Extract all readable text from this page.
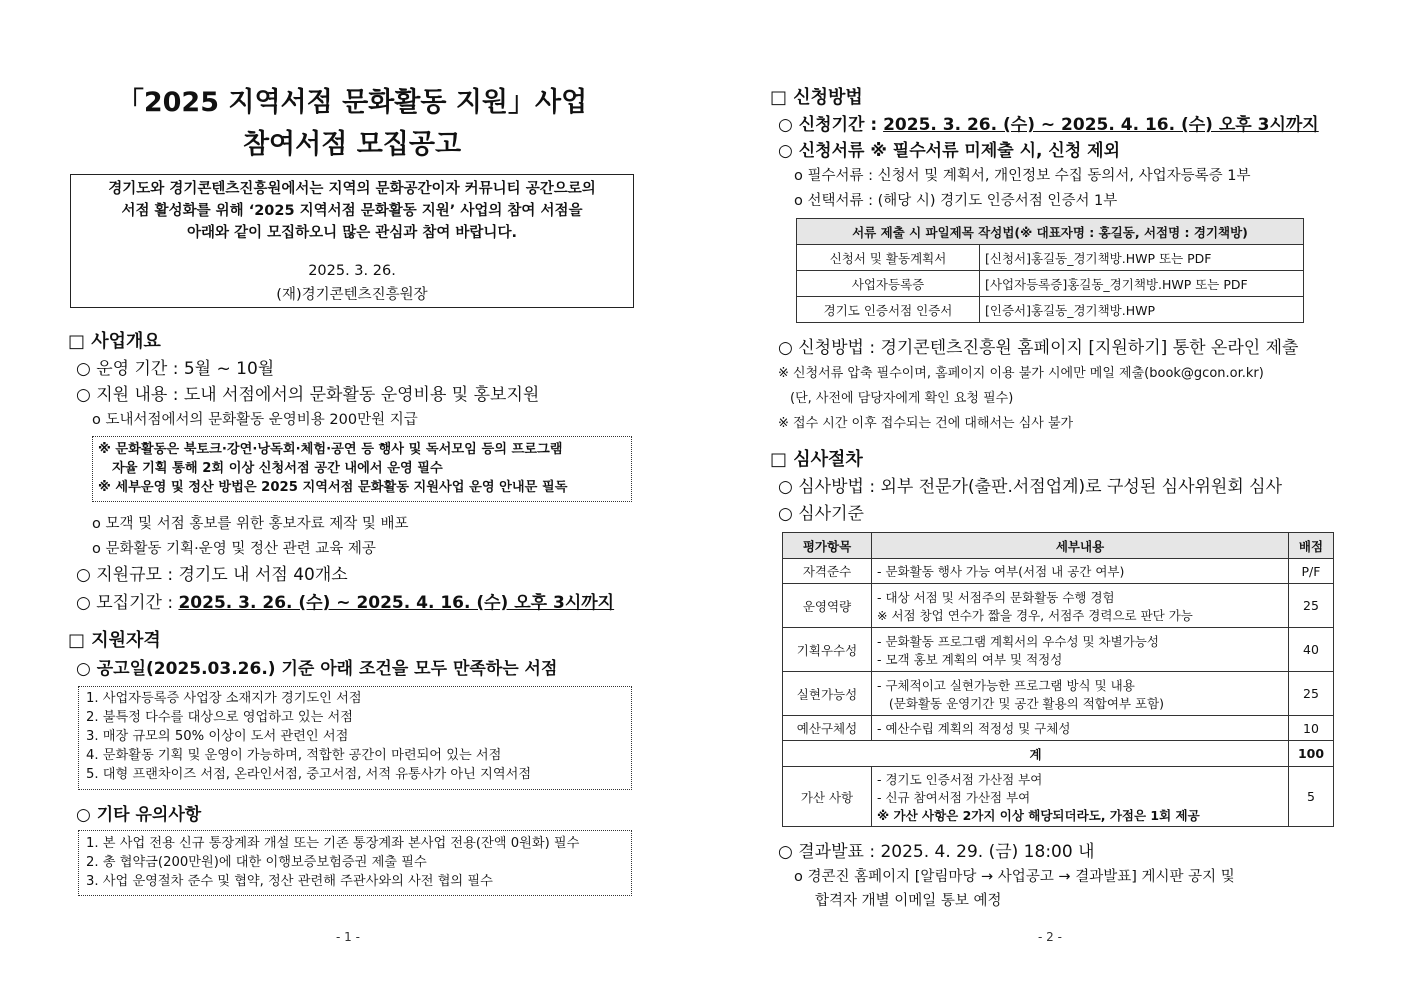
「2025 지역서점 문화활동 지원」사업
참여서점 모집공고
경기도와 경기콘텐츠진흥원에서는 지역의 문화공간이자 커뮤니티 공간으로의
서점 활성화를 위해 ‘2025 지역서점 문화활동 지원’ 사업의 참여 서점을
아래와 같이 모집하오니 많은 관심과 참여 바랍니다.
2025. 3. 26.
(재)경기콘텐츠진흥원장
□ 사업개요
○ 운영 기간 : 5월 ~ 10월
○ 지원 내용 : 도내 서점에서의 문화활동 운영비용 및 홍보지원
o 도내서점에서의 문화활동 운영비용 200만원 지급
※ 문화활동은 북토크·강연·낭독회·체험·공연 등 행사 및 독서모임 등의 프로그램
자율 기획 통해 2회 이상 신청서점 공간 내에서 운영 필수
※ 세부운영 및 정산 방법은 2025 지역서점 문화활동 지원사업 운영 안내문 필독
o 모객 및 서점 홍보를 위한 홍보자료 제작 및 배포
o 문화활동 기획·운영 및 정산 관련 교육 제공
○ 지원규모 : 경기도 내 서점 40개소
○ 모집기간 : 2025. 3. 26. (수) ~ 2025. 4. 16. (수) 오후 3시까지
□ 지원자격
○ 공고일(2025.03.26.) 기준 아래 조건을 모두 만족하는 서점
1. 사업자등록증 사업장 소재지가 경기도인 서점
2. 불특정 다수를 대상으로 영업하고 있는 서점
3. 매장 규모의 50% 이상이 도서 관련인 서점
4. 문화활동 기획 및 운영이 가능하며, 적합한 공간이 마련되어 있는 서점
5. 대형 프랜차이즈 서점, 온라인서점, 중고서점, 서적 유통사가 아닌 지역서점
○ 기타 유의사항
1. 본 사업 전용 신규 통장계좌 개설 또는 기존 통장계좌 본사업 전용(잔액 0원화) 필수
2. 총 협약금(200만원)에 대한 이행보증보험증권 제출 필수
3. 사업 운영절차 준수 및 협약, 정산 관련해 주관사와의 사전 협의 필수
- 1 -
□ 신청방법
○ 신청기간 : 2025. 3. 26. (수) ~ 2025. 4. 16. (수) 오후 3시까지
○ 신청서류 ※ 필수서류 미제출 시, 신청 제외
o 필수서류 : 신청서 및 계획서, 개인정보 수집 동의서, 사업자등록증 1부
o 선택서류 : (해당 시) 경기도 인증서점 인증서 1부
서류 제출 시 파일제목 작성법(※ 대표자명 : 홍길동, 서점명 : 경기책방)	
신청서 및 활동계획서	[신청서]홍길동_경기책방.HWP 또는 PDF
사업자등록증	[사업자등록증]홍길동_경기책방.HWP 또는 PDF
경기도 인증서점 인증서	[인증서]홍길동_경기책방.HWP
○ 신청방법 : 경기콘텐츠진흥원 홈페이지 [지원하기] 통한 온라인 제출
※ 신청서류 압축 필수이며, 홈페이지 이용 불가 시에만 메일 제출(book@gcon.or.kr)
(단, 사전에 담당자에게 확인 요청 필수)
※ 접수 시간 이후 접수되는 건에 대해서는 심사 불가
□ 심사절차
○ 심사방법 : 외부 전문가(출판.서점업계)로 구성된 심사위원회 심사
○ 심사기준
평가항목	세부내용	배점
자격준수	- 문화활동 행사 가능 여부(서점 내 공간 여부)	P/F
운영역량	- 대상 서점 및 서점주의 문화활동 수행 경험
※ 서점 창업 연수가 짧을 경우, 서점주 경력으로 판단 가능	25
기획우수성	- 문화활동 프로그램 계획서의 우수성 및 차별가능성
- 모객 홍보 계획의 여부 및 적정성	40
실현가능성	- 구체적이고 실현가능한 프로그램 방식 및 내용
(문화활동 운영기간 및 공간 활용의 적합여부 포함)	25
예산구체성	- 예산수립 계획의 적정성 및 구체성	10
계		100
가산 사항	- 경기도 인증서점 가산점 부여
- 신규 참여서점 가산점 부여
※ 가산 사항은 2가지 이상 해당되더라도, 가점은 1회 제공	5
○ 결과발표 : 2025. 4. 29. (금) 18:00 내
o 경콘진 홈페이지 [알림마당 → 사업공고 → 결과발표] 게시판 공지 및
합격자 개별 이메일 통보 예정
- 2 -
